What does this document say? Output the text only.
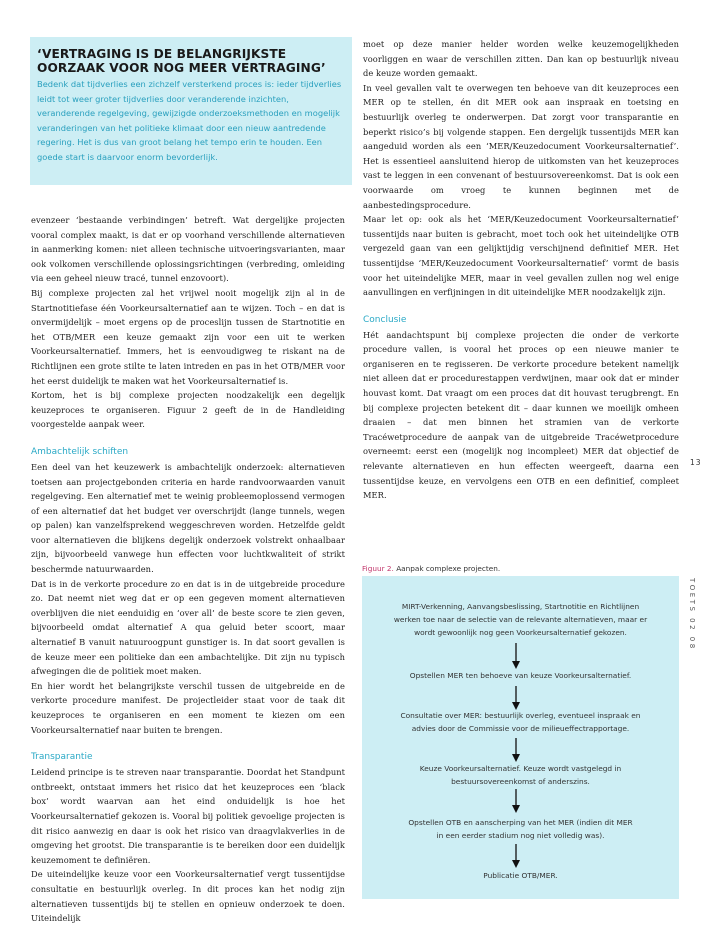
‘VERTRAGING IS DE BELANGRIJKSTE OORZAAK VOOR NOG MEER VERTRAGING’

Bedenk dat tijdverlies een zichzelf versterkend proces is: ieder tijdverlies leidt tot weer groter tijdverlies door veranderende inzichten, veranderende regelgeving, gewijzigde onderzoeksmethoden en mogelijk veranderingen van het politieke klimaat door een nieuw aantredende regering. Het is dus van groot belang het tempo erin te houden. Een goede start is daarvoor enorm bevorderlijk.

evenzeer ‘bestaande verbindingen’ betreft. Wat dergelijke projecten vooral complex maakt, is dat er op voorhand verschillende alternatieven in aanmerking komen: niet alleen technische uitvoeringsvarianten, maar ook volkomen verschillende oplossingsrichtingen (verbreding, omleiding via een geheel nieuw tracé, tunnel enzovoort).

Bij complexe projecten zal het vrijwel nooit mogelijk zijn al in de Startnotitiefase één Voorkeursalternatief aan te wijzen. Toch – en dat is onvermijdelijk – moet ergens op de proceslijn tussen de Startnotitie en het OTB/MER een keuze gemaakt zijn voor een uit te werken Voorkeursalternatief. Immers, het is eenvoudigweg te riskant na de Richtlijnen een grote stilte te laten intreden en pas in het OTB/MER voor het eerst duidelijk te maken wat het Voorkeursalternatief is.

Kortom, het is bij complexe projecten noodzakelijk een degelijk keuzeproces te organiseren. Figuur 2 geeft de in de Handleiding voorgestelde aanpak weer.

Ambachtelijk schiften

Een deel van het keuzewerk is ambachtelijk onderzoek: alternatieven toetsen aan projectgebonden criteria en harde randvoorwaarden vanuit regelgeving. Een alternatief met te weinig probleemoplossend vermogen of een alternatief dat het budget ver overschrijdt (lange tunnels, wegen op palen) kan vanzelfsprekend weggeschreven worden. Hetzelfde geldt voor alternatieven die blijkens degelijk onderzoek volstrekt onhaalbaar zijn, bijvoorbeeld vanwege hun effecten voor luchtkwaliteit of strikt beschermde natuurwaarden.

Dat is in de verkorte procedure zo en dat is in de uitgebreide procedure zo. Dat neemt niet weg dat er op een gegeven moment alternatieven overblijven die niet eenduidig en ‘over all’ de beste score te zien geven, bijvoorbeeld omdat alternatief A qua geluid beter scoort, maar alternatief B vanuit natuuroogpunt gunstiger is. In dat soort gevallen is de keuze meer een politieke dan een ambachtelijke. Dit zijn nu typisch afwegingen die de politiek moet maken.

En hier wordt het belangrijkste verschil tussen de uitgebreide en de verkorte procedure manifest. De projectleider staat voor de taak dit keuzeproces te organiseren en een moment te kiezen om een Voorkeursalternatief naar buiten te brengen.

Transparantie

Leidend principe is te streven naar transparantie. Doordat het Standpunt ontbreekt, ontstaat immers het risico dat het keuzeproces een ‘black box’ wordt waarvan aan het eind onduidelijk is hoe het Voorkeursalternatief gekozen is. Vooral bij politiek gevoelige projecten is dit risico aanwezig en daar is ook het risico van draagvlakverlies in de omgeving het grootst. Die transparantie is te bereiken door een duidelijk keuzemoment te definiëren.

De uiteindelijke keuze voor een Voorkeursalternatief vergt tussentijdse consultatie en bestuurlijk overleg. In dit proces kan het nodig zijn alternatieven tussentijds bij te stellen en opnieuw onderzoek te doen. Uiteindelijk

moet op deze manier helder worden welke keuzemogelijkheden voorliggen en waar de verschillen zitten. Dan kan op bestuurlijk niveau de keuze worden gemaakt.

In veel gevallen valt te overwegen ten behoeve van dit keuzeproces een MER op te stellen, én dit MER ook aan inspraak en toetsing en bestuurlijk overleg te onderwerpen. Dat zorgt voor transparantie en beperkt risico’s bij volgende stappen. Een dergelijk tussentijds MER kan aangeduid worden als een ‘MER/Keuzedocument Voorkeursalternatief’. Het is essentieel aansluitend hierop de uitkomsten van het keuzeproces vast te leggen in een convenant of bestuursovereenkomst. Dat is ook een voorwaarde om vroeg te kunnen beginnen met de aanbestedingsprocedure.

Maar let op: ook als het ‘MER/Keuzedocument Voorkeursalternatief’ tussentijds naar buiten is gebracht, moet toch ook het uiteindelijke OTB vergezeld gaan van een gelijktijdig verschijnend definitief MER. Het tussentijdse ‘MER/Keuzedocument Voorkeursalternatief’ vormt de basis voor het uiteindelijke MER, maar in veel gevallen zullen nog wel enige aanvullingen en verfijningen in dit uiteindelijke MER noodzakelijk zijn.

Conclusie

Hét aandachtspunt bij complexe projecten die onder de verkorte procedure vallen, is vooral het proces op een nieuwe manier te organiseren en te regisseren. De verkorte procedure betekent namelijk niet alleen dat er procedurestappen verdwijnen, maar ook dat er minder houvast komt. Dat vraagt om een proces dat dit houvast terugbrengt. En bij complexe projecten betekent dit – daar kunnen we moeilijk omheen draaien – dat men binnen het stramien van de verkorte Tracéwetprocedure de aanpak van de uitgebreide Tracéwetprocedure overneemt: eerst een (mogelijk nog incompleet) MER dat objectief de relevante alternatieven en hun effecten weergeeft, daarna een tussentijdse keuze, en vervolgens een OTB en een definitief, compleet MER.

13
TOETS 02 08
Figuur 2. Aanpak complexe projecten.
MIRT-Verkenning, Aanvangsbeslissing, Startnotitie en Richtlijnen werken toe naar de selectie van de relevante alternatieven, maar er wordt gewoonlijk nog geen Voorkeursalternatief gekozen.
Opstellen MER ten behoeve van keuze Voorkeursalternatief.
Consultatie over MER: bestuurlijk overleg, eventueel inspraak en advies door de Commissie voor de milieueffectrapportage.
Keuze Voorkeursalternatief. Keuze wordt vastgelegd in bestuursovereenkomst of anderszins.
Opstellen OTB en aanscherping van het MER (indien dit MER in een eerder stadium nog niet volledig was).
Publicatie OTB/MER.
